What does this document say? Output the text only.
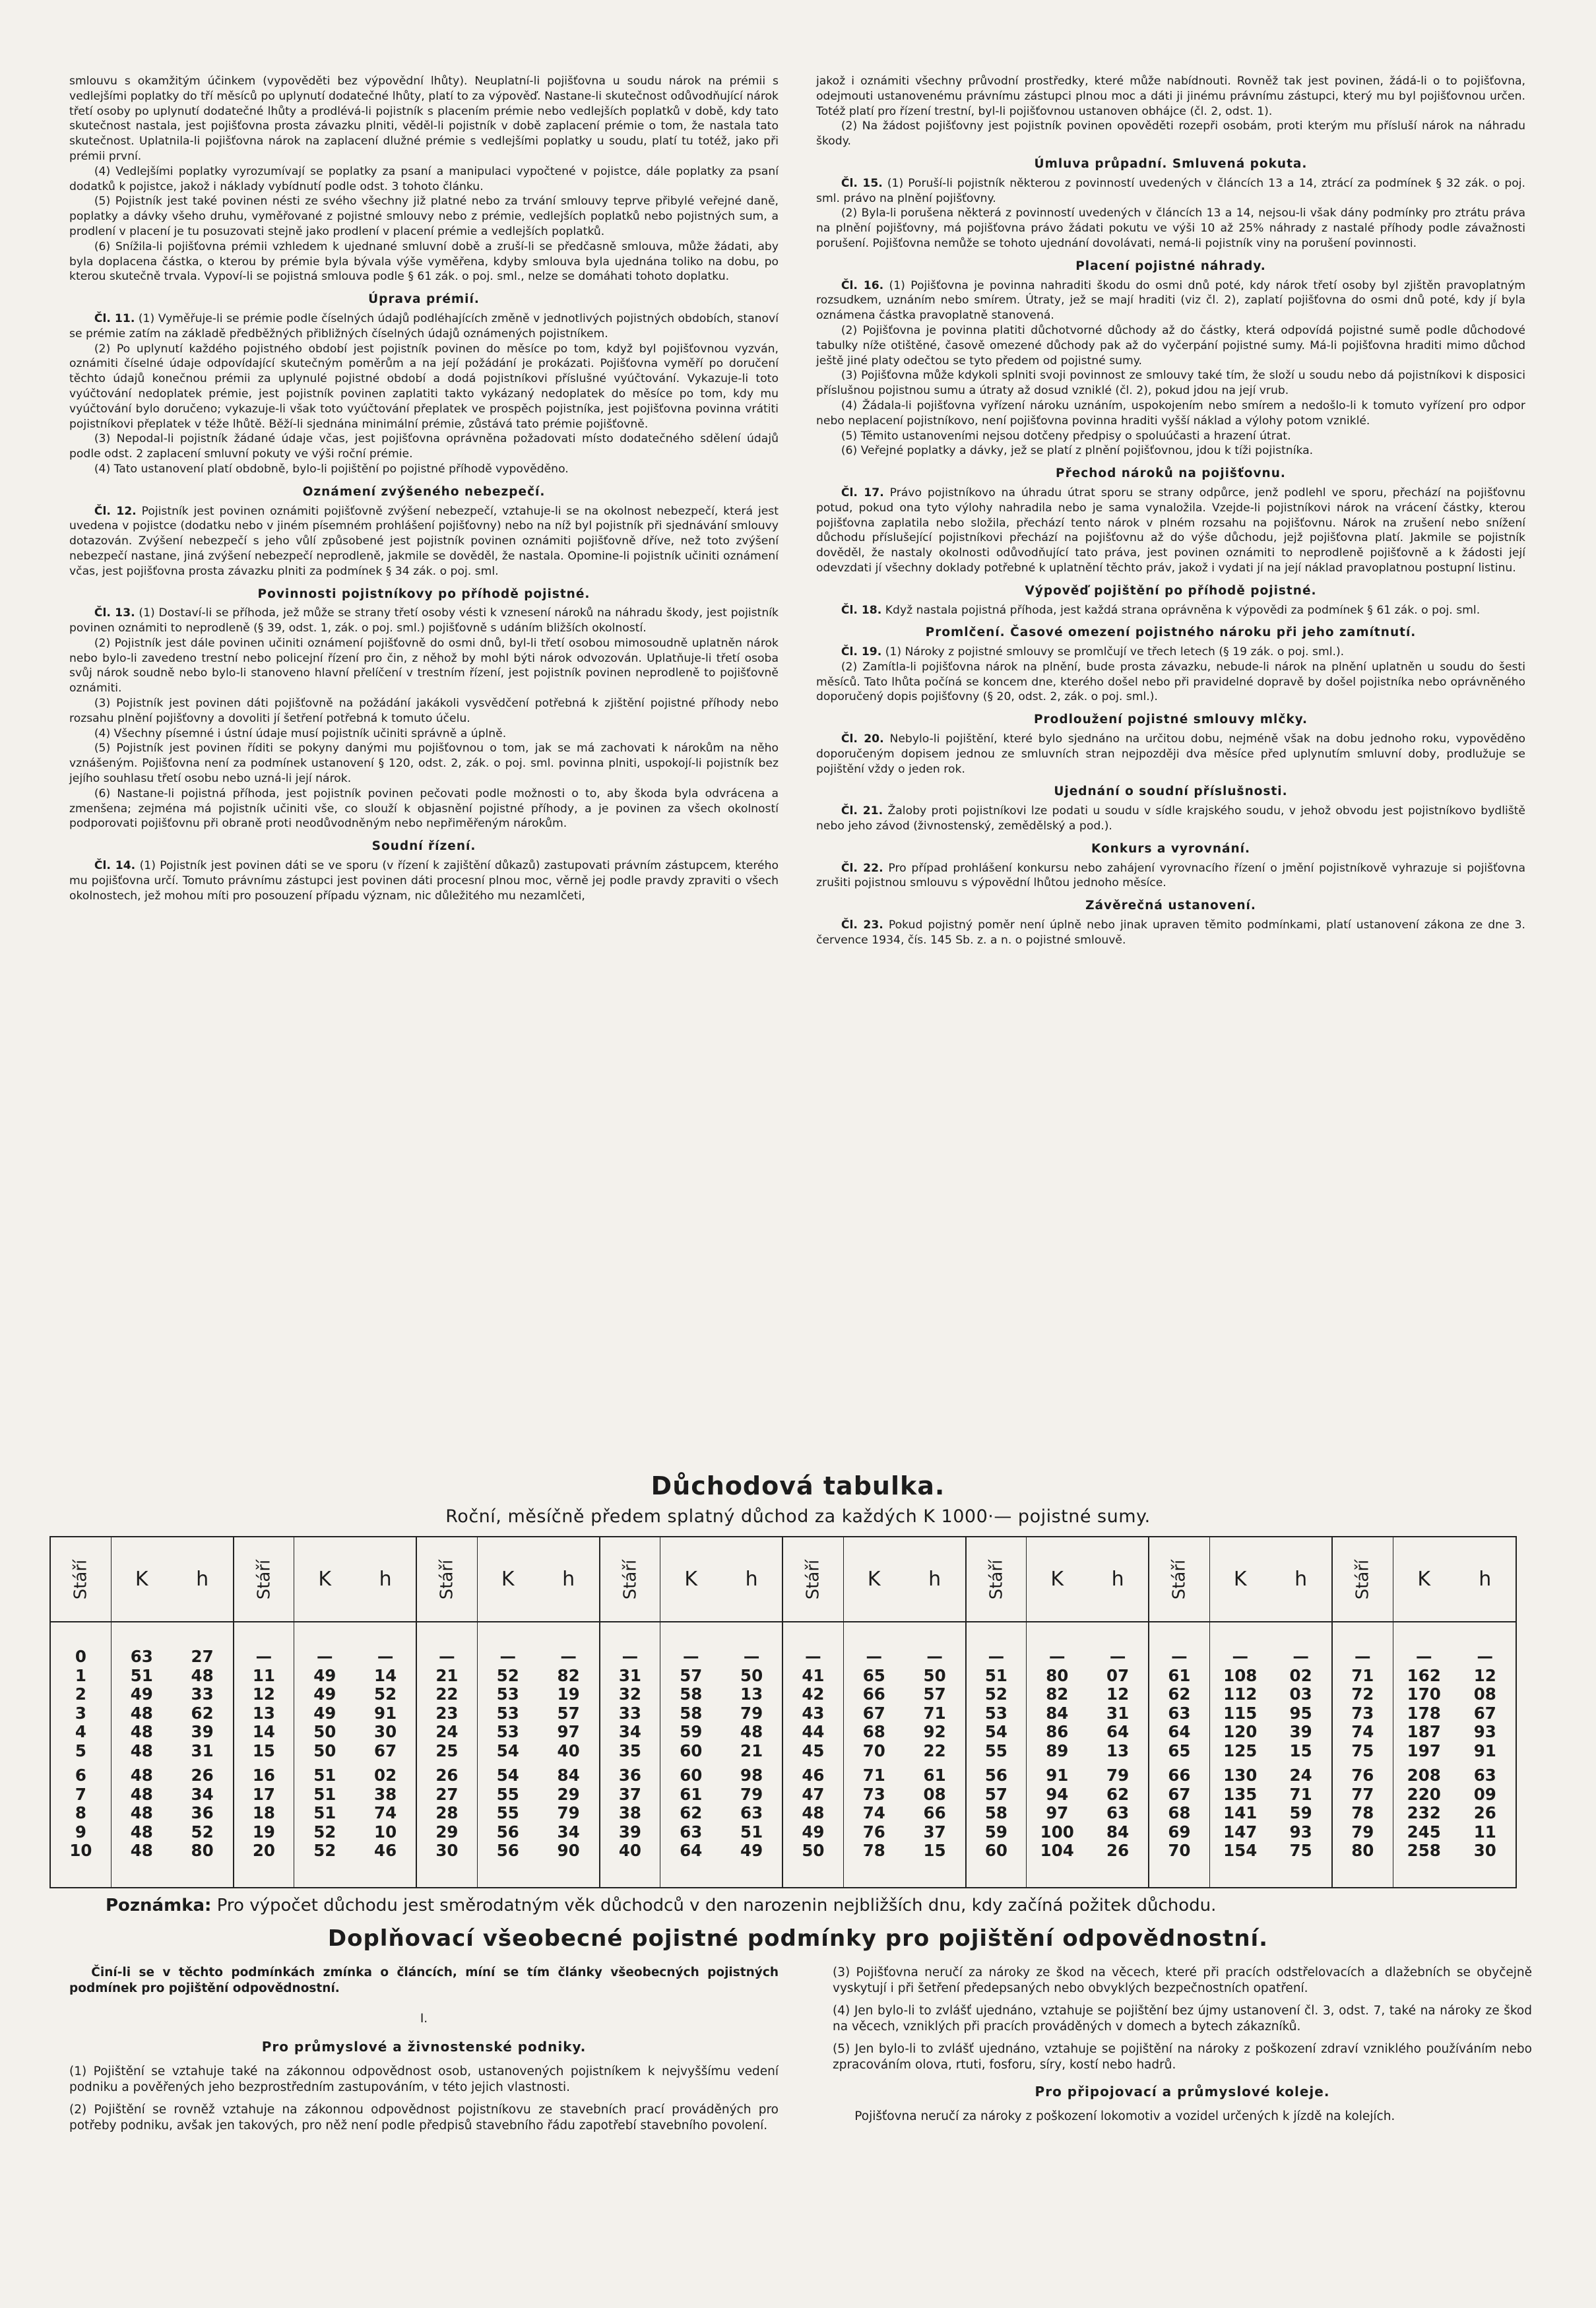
smlouvu s okamžitým účinkem (vypověděti bez výpovědní lhůty). Neuplatní-li pojišťovna u soudu nárok na prémii s vedlejšími poplatky do tří měsíců po uplynutí dodatečné lhůty, platí to za výpověď. Nastane-li skutečnost odůvodňující nárok třetí osoby po uplynutí dodatečné lhůty a prodlévá-li pojistník s placením prémie nebo vedlejších poplatků v době, kdy tato skutečnost nastala, jest pojišťovna prosta závazku plniti, věděl-li pojistník v době zaplacení prémie o tom, že nastala tato skutečnost. Uplatnila-li pojišťovna nárok na zaplacení dlužné prémie s vedlejšími poplatky u soudu, platí tu totéž, jako při prémii první.

(4) Vedlejšími poplatky vyrozumívají se poplatky za psaní a manipulaci vypočtené v pojistce, dále poplatky za psaní dodatků k pojistce, jakož i náklady vybídnutí podle odst. 3 tohoto článku.

(5) Pojistník jest také povinen nésti ze svého všechny již platné nebo za trvání smlouvy teprve přibylé veřejné daně, poplatky a dávky všeho druhu, vyměřované z pojistné smlouvy nebo z prémie, vedlejších poplatků nebo pojistných sum, a prodlení v placení je tu posuzovati stejně jako prodlení v placení prémie a vedlejších poplatků.

(6) Snížila-li pojišťovna prémii vzhledem k ujednané smluvní době a zruší-li se předčasně smlouva, může žádati, aby byla doplacena částka, o kterou by prémie byla bývala výše vyměřena, kdyby smlouva byla ujednána toliko na dobu, po kterou skutečně trvala. Vypoví-li se pojistná smlouva podle § 61 zák. o poj. sml., nelze se domáhati tohoto doplatku.

Úprava prémií.

Čl. 11. (1) Vyměřuje-li se prémie podle číselných údajů podléhajících změně v jednotlivých pojistných obdobích, stanoví se prémie zatím na základě předběžných přibližných číselných údajů oznámených pojistníkem.

(2) Po uplynutí každého pojistného období jest pojistník povinen do měsíce po tom, když byl pojišťovnou vyzván, oznámiti číselné údaje odpovídající skutečným poměrům a na její požádání je prokázati. Pojišťovna vyměří po doručení těchto údajů konečnou prémii za uplynulé pojistné období a dodá pojistníkovi příslušné vyúčtování. Vykazuje-li toto vyúčtování nedoplatek prémie, jest pojistník povinen zaplatiti takto vykázaný nedoplatek do měsíce po tom, kdy mu vyúčtování bylo doručeno; vykazuje-li však toto vyúčtování přeplatek ve prospěch pojistníka, jest pojišťovna povinna vrátiti pojistníkovi přeplatek v téže lhůtě. Běží-li sjednána minimální prémie, zůstává tato prémie pojišťovně.

(3) Nepodal-li pojistník žádané údaje včas, jest pojišťovna oprávněna požadovati místo dodatečného sdělení údajů podle odst. 2 zaplacení smluvní pokuty ve výši roční prémie.

(4) Tato ustanovení platí obdobně, bylo-li pojištění po pojistné příhodě vypověděno.

Oznámení zvýšeného nebezpečí.

Čl. 12. Pojistník jest povinen oznámiti pojišťovně zvýšení nebezpečí, vztahuje-li se na okolnost nebezpečí, která jest uvedena v pojistce (dodatku nebo v jiném písemném prohlášení pojišťovny) nebo na níž byl pojistník při sjednávání smlouvy dotazován. Zvýšení nebezpečí s jeho vůlí způsobené jest pojistník povinen oznámiti pojišťovně dříve, než toto zvýšení nebezpečí nastane, jiná zvýšení nebezpečí neprodleně, jakmile se dověděl, že nastala. Opomine-li pojistník učiniti oznámení včas, jest pojišťovna prosta závazku plniti za podmínek § 34 zák. o poj. sml.

Povinnosti pojistníkovy po příhodě pojistné.

Čl. 13. (1) Dostaví-li se příhoda, jež může se strany třetí osoby vésti k vznesení nároků na náhradu škody, jest pojistník povinen oznámiti to neprodleně (§ 39, odst. 1, zák. o poj. sml.) pojišťovně s udáním bližších okolností.

(2) Pojistník jest dále povinen učiniti oznámení pojišťovně do osmi dnů, byl-li třetí osobou mimosoudně uplatněn nárok nebo bylo-li zavedeno trestní nebo policejní řízení pro čin, z něhož by mohl býti nárok odvozován. Uplatňuje-li třetí osoba svůj nárok soudně nebo bylo-li stanoveno hlavní přelíčení v trestním řízení, jest pojistník povinen neprodleně to pojišťovně oznámiti.

(3) Pojistník jest povinen dáti pojišťovně na požádání jakákoli vysvědčení potřebná k zjištění pojistné příhody nebo rozsahu plnění pojišťovny a dovoliti jí šetření potřebná k tomuto účelu.

(4) Všechny písemné i ústní údaje musí pojistník učiniti správně a úplně.

(5) Pojistník jest povinen říditi se pokyny danými mu pojišťovnou o tom, jak se má zachovati k nárokům na něho vznášeným. Pojišťovna není za podmínek ustanovení § 120, odst. 2, zák. o poj. sml. povinna plniti, uspokojí-li pojistník bez jejího souhlasu třetí osobu nebo uzná-li její nárok.

(6) Nastane-li pojistná příhoda, jest pojistník povinen pečovati podle možnosti o to, aby škoda byla odvrácena a zmenšena; zejména má pojistník učiniti vše, co slouží k objasnění pojistné příhody, a je povinen za všech okolností podporovati pojišťovnu při obraně proti neodůvodněným nebo nepřiměřeným nárokům.

Soudní řízení.

Čl. 14. (1) Pojistník jest povinen dáti se ve sporu (v řízení k zajištění důkazů) zastupovati právním zástupcem, kterého mu pojišťovna určí. Tomuto právnímu zástupci jest povinen dáti procesní plnou moc, věrně jej podle pravdy zpraviti o všech okolnostech, jež mohou míti pro posouzení případu význam, nic důležitého mu nezamlčeti,

jakož i oznámiti všechny průvodní prostředky, které může nabídnouti. Rovněž tak jest povinen, žádá-li o to pojišťovna, odejmouti ustanovenému právnímu zástupci plnou moc a dáti ji jinému právnímu zástupci, který mu byl pojišťovnou určen. Totéž platí pro řízení trestní, byl-li pojišťovnou ustanoven obhájce (čl. 2, odst. 1).

(2) Na žádost pojišťovny jest pojistník povinen opověděti rozepři osobám, proti kterým mu přísluší nárok na náhradu škody.

Úmluva průpadní. Smluvená pokuta.

Čl. 15. (1) Poruší-li pojistník některou z povinností uvedených v článcích 13 a 14, ztrácí za podmínek § 32 zák. o poj. sml. právo na plnění pojišťovny.

(2) Byla-li porušena některá z povinností uvedených v článcích 13 a 14, nejsou-li však dány podmínky pro ztrátu práva na plnění pojišťovny, má pojišťovna právo žádati pokutu ve výši 10 až 25% náhrady z nastalé příhody podle závažnosti porušení. Pojišťovna nemůže se tohoto ujednání dovolávati, nemá-li pojistník viny na porušení povinnosti.

Placení pojistné náhrady.

Čl. 16. (1) Pojišťovna je povinna nahraditi škodu do osmi dnů poté, kdy nárok třetí osoby byl zjištěn pravoplatným rozsudkem, uznáním nebo smírem. Útraty, jež se mají hraditi (viz čl. 2), zaplatí pojišťovna do osmi dnů poté, kdy jí byla oznámena částka pravoplatně stanovená.

(2) Pojišťovna je povinna platiti důchotvorné důchody až do částky, která odpovídá pojistné sumě podle důchodové tabulky níže otištěné, časově omezené důchody pak až do vyčerpání pojistné sumy. Má-li pojišťovna hraditi mimo důchod ještě jiné platy odečtou se tyto předem od pojistné sumy.

(3) Pojišťovna může kdykoli splniti svoji povinnost ze smlouvy také tím, že složí u soudu nebo dá pojistníkovi k disposici příslušnou pojistnou sumu a útraty až dosud vzniklé (čl. 2), pokud jdou na její vrub.

(4) Žádala-li pojišťovna vyřízení nároku uznáním, uspokojením nebo smírem a nedošlo-li k tomuto vyřízení pro odpor nebo neplacení pojistníkovo, není pojišťovna povinna hraditi vyšší náklad a výlohy potom vzniklé.

(5) Těmito ustanoveními nejsou dotčeny předpisy o spoluúčasti a hrazení útrat.

(6) Veřejné poplatky a dávky, jež se platí z plnění pojišťovnou, jdou k tíži pojistníka.

Přechod nároků na pojišťovnu.

Čl. 17. Právo pojistníkovo na úhradu útrat sporu se strany odpůrce, jenž podlehl ve sporu, přechází na pojišťovnu potud, pokud ona tyto výlohy nahradila nebo je sama vynaložila. Vzejde-li pojistníkovi nárok na vrácení částky, kterou pojišťovna zaplatila nebo složila, přechází tento nárok v plném rozsahu na pojišťovnu. Nárok na zrušení nebo snížení důchodu příslušející pojistníkovi přechází na pojišťovnu až do výše důchodu, jejž pojišťovna platí. Jakmile se pojistník dověděl, že nastaly okolnosti odůvodňující tato práva, jest povinen oznámiti to neprodleně pojišťovně a k žádosti její odevzdati jí všechny doklady potřebné k uplatnění těchto práv, jakož i vydati jí na její náklad pravoplatnou postupní listinu.

Výpověď pojištění po příhodě pojistné.

Čl. 18. Když nastala pojistná příhoda, jest každá strana oprávněna k výpovědi za podmínek § 61 zák. o poj. sml.

Promlčení. Časové omezení pojistného nároku při jeho zamítnutí.

Čl. 19. (1) Nároky z pojistné smlouvy se promlčují ve třech letech (§ 19 zák. o poj. sml.).

(2) Zamítla-li pojišťovna nárok na plnění, bude prosta závazku, nebude-li nárok na plnění uplatněn u soudu do šesti měsíců. Tato lhůta počíná se koncem dne, kterého došel nebo při pravidelné dopravě by došel pojistníka nebo oprávněného doporučený dopis pojišťovny (§ 20, odst. 2, zák. o poj. sml.).

Prodloužení pojistné smlouvy mlčky.

Čl. 20. Nebylo-li pojištění, které bylo sjednáno na určitou dobu, nejméně však na dobu jednoho roku, vypověděno doporučeným dopisem jednou ze smluvních stran nejpozději dva měsíce před uplynutím smluvní doby, prodlužuje se pojištění vždy o jeden rok.

Ujednání o soudní příslušnosti.

Čl. 21. Žaloby proti pojistníkovi lze podati u soudu v sídle krajského soudu, v jehož obvodu jest pojistníkovo bydliště nebo jeho závod (živnostenský, zemědělský a pod.).

Konkurs a vyrovnání.

Čl. 22. Pro případ prohlášení konkursu nebo zahájení vyrovnacího řízení o jmění pojistníkově vyhrazuje si pojišťovna zrušiti pojistnou smlouvu s výpovědní lhůtou jednoho měsíce.

Závěrečná ustanovení.

Čl. 23. Pokud pojistný poměr není úplně nebo jinak upraven těmito podmínkami, platí ustanovení zákona ze dne 3. července 1934, čís. 145 Sb. z. a n. o pojistné smlouvě.

Důchodová tabulka.
Roční, měsíčně předem splatný důchod za každých K 1000·— pojistné sumy.
Stáří K h
0
1
2
3
4
5
6
7
8
9
10
63
51
49
48
48
48
48
48
48
48
48
27
48
33
62
39
31
26
34
36
52
80
Stáří K h
—
11
12
13
14
15
16
17
18
19
20
—
49
49
49
50
50
51
51
51
52
52
—
14
52
91
30
67
02
38
74
10
46
Stáří K h
—
21
22
23
24
25
26
27
28
29
30
—
52
53
53
53
54
54
55
55
56
56
—
82
19
57
97
40
84
29
79
34
90
Stáří K h
—
31
32
33
34
35
36
37
38
39
40
—
57
58
58
59
60
60
61
62
63
64
—
50
13
79
48
21
98
79
63
51
49
Stáří K h
—
41
42
43
44
45
46
47
48
49
50
—
65
66
67
68
70
71
73
74
76
78
—
50
57
71
92
22
61
08
66
37
15
Stáří K h
—
51
52
53
54
55
56
57
58
59
60
—
80
82
84
86
89
91
94
97
100
104
—
07
12
31
64
13
79
62
63
84
26
Stáří K h
—
61
62
63
64
65
66
67
68
69
70
—
108
112
115
120
125
130
135
141
147
154
—
02
03
95
39
15
24
71
59
93
75
Stáří K h
—
71
72
73
74
75
76
77
78
79
80
—
162
170
178
187
197
208
220
232
245
258
—
12
08
67
93
91
63
09
26
11
30
Poznámka: Pro výpočet důchodu jest směrodatným věk důchodců v den narozenin nejbližších dnu, kdy začíná požitek důchodu.
Doplňovací všeobecné pojistné podmínky pro pojištění odpovědnostní.

Činí-li se v těchto podmínkách zmínka o článcích, míní se tím články všeobecných pojistných podmínek pro pojištění odpovědnostní.

I.

Pro průmyslové a živnostenské podniky.

(1) Pojištění se vztahuje také na zákonnou odpovědnost osob, ustanovených pojistníkem k nejvyššímu vedení podniku a pověřených jeho bezprostředním zastupováním, v této jejich vlastnosti.

(2) Pojištění se rovněž vztahuje na zákonnou odpovědnost pojistníkovu ze stavebních prací prováděných pro potřeby podniku, avšak jen takových, pro něž není podle předpisů stavebního řádu zapotřebí stavebního povolení.

(3) Pojišťovna neručí za nároky ze škod na věcech, které při pracích odstřelovacích a dlažebních se obyčejně vyskytují i při šetření předepsaných nebo obvyklých bezpečnostních opatření.

(4) Jen bylo-li to zvlášť ujednáno, vztahuje se pojištění bez újmy ustanovení čl. 3, odst. 7, také na nároky ze škod na věcech, vzniklých při pracích prováděných v domech a bytech zákazníků.

(5) Jen bylo-li to zvlášť ujednáno, vztahuje se pojištění na nároky z poškození zdraví vzniklého používáním nebo zpracováním olova, rtuti, fosforu, síry, kostí nebo hadrů.

Pro připojovací a průmyslové koleje.

Pojišťovna neručí za nároky z poškození lokomotiv a vozidel určených k jízdě na kolejích.
